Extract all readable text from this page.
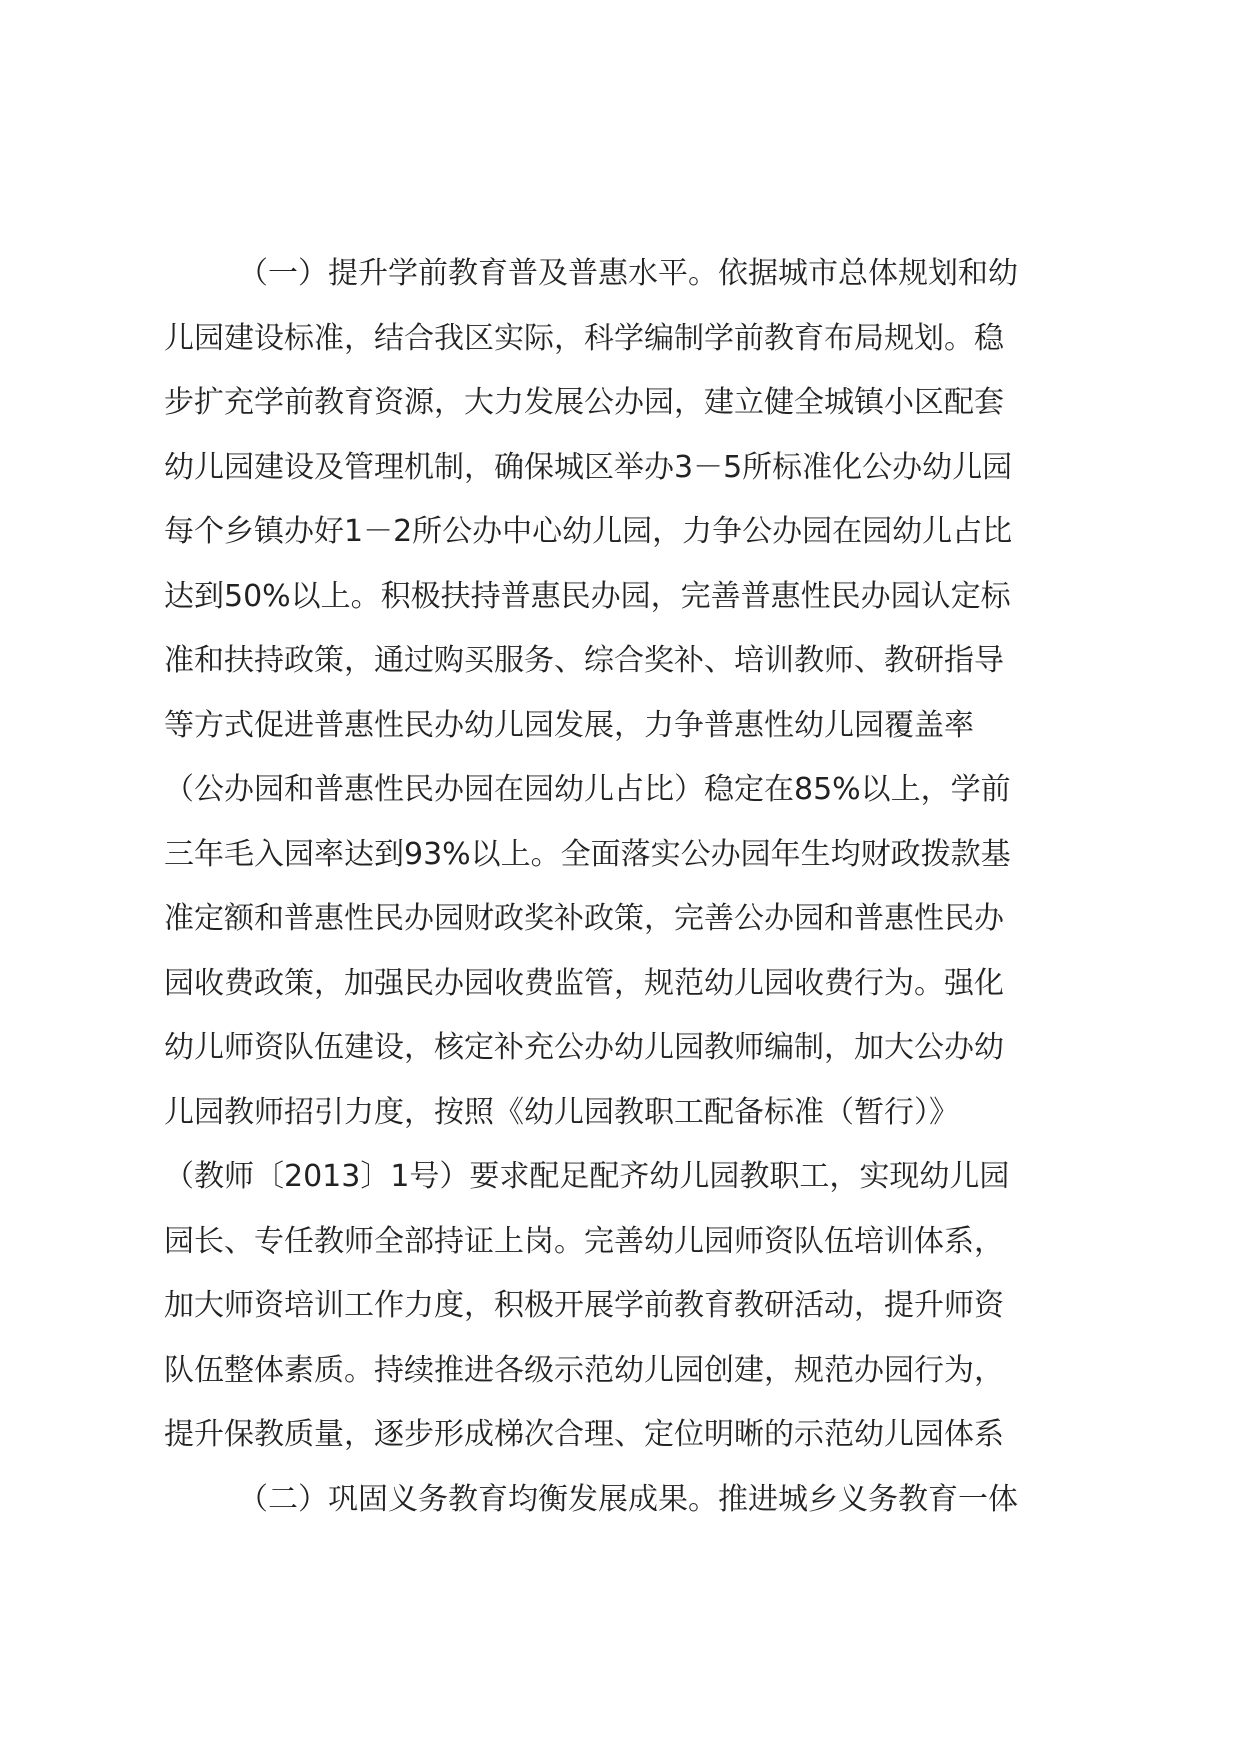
（一）提升学前教育普及普惠水平。依据城市总体规划和幼
儿园建设标准，结合我区实际，科学编制学前教育布局规划。稳
步扩充学前教育资源，大力发展公办园，建立健全城镇小区配套
幼儿园建设及管理机制，确保城区举办3－5所标准化公办幼儿园
每个乡镇办好1－2所公办中心幼儿园，力争公办园在园幼儿占比
达到50%以上。积极扶持普惠民办园，完善普惠性民办园认定标
准和扶持政策，通过购买服务、综合奖补、培训教师、教研指导
等方式促进普惠性民办幼儿园发展，力争普惠性幼儿园覆盖率
（公办园和普惠性民办园在园幼儿占比）稳定在85%以上，学前
三年毛入园率达到93%以上。全面落实公办园年生均财政拨款基
准定额和普惠性民办园财政奖补政策，完善公办园和普惠性民办
园收费政策，加强民办园收费监管，规范幼儿园收费行为。强化
幼儿师资队伍建设，核定补充公办幼儿园教师编制，加大公办幼
儿园教师招引力度，按照《幼儿园教职工配备标准（暂行）》
（教师〔2013〕1号）要求配足配齐幼儿园教职工，实现幼儿园
园长、专任教师全部持证上岗。完善幼儿园师资队伍培训体系，
加大师资培训工作力度，积极开展学前教育教研活动，提升师资
队伍整体素质。持续推进各级示范幼儿园创建，规范办园行为，
提升保教质量，逐步形成梯次合理、定位明晰的示范幼儿园体系
（二）巩固义务教育均衡发展成果。推进城乡义务教育一体
